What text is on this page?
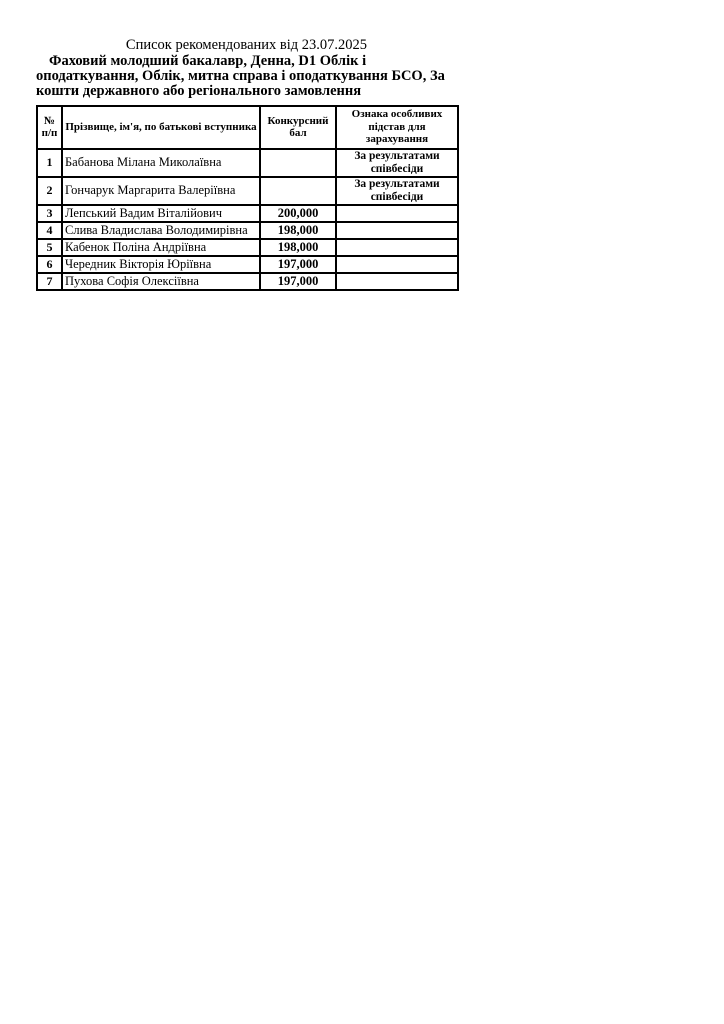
Список рекомендованих від 23.07.2025
Фаховий молодший бакалавр, Денна, D1 Облік і
оподаткування, Облік, митна справа і оподаткування БСО, За
кошти державного або регіонального замовлення
№ п/п	Прізвище, ім'я, по батькові вступника	Конкурсний бал	Ознака особливих підстав для зарахування
1	Бабанова Мілана Миколаївна		За результатами співбесіди
2	Гончарук Маргарита Валеріївна		За результатами співбесіди
3	Лепський Вадим Віталійович	200,000	
4	Слива Владислава Володимирівна	198,000	
5	Кабенок Поліна Андріївна	198,000	
6	Чередник Вікторія Юріївна	197,000	
7	Пухова Софія Олексіївна	197,000	
